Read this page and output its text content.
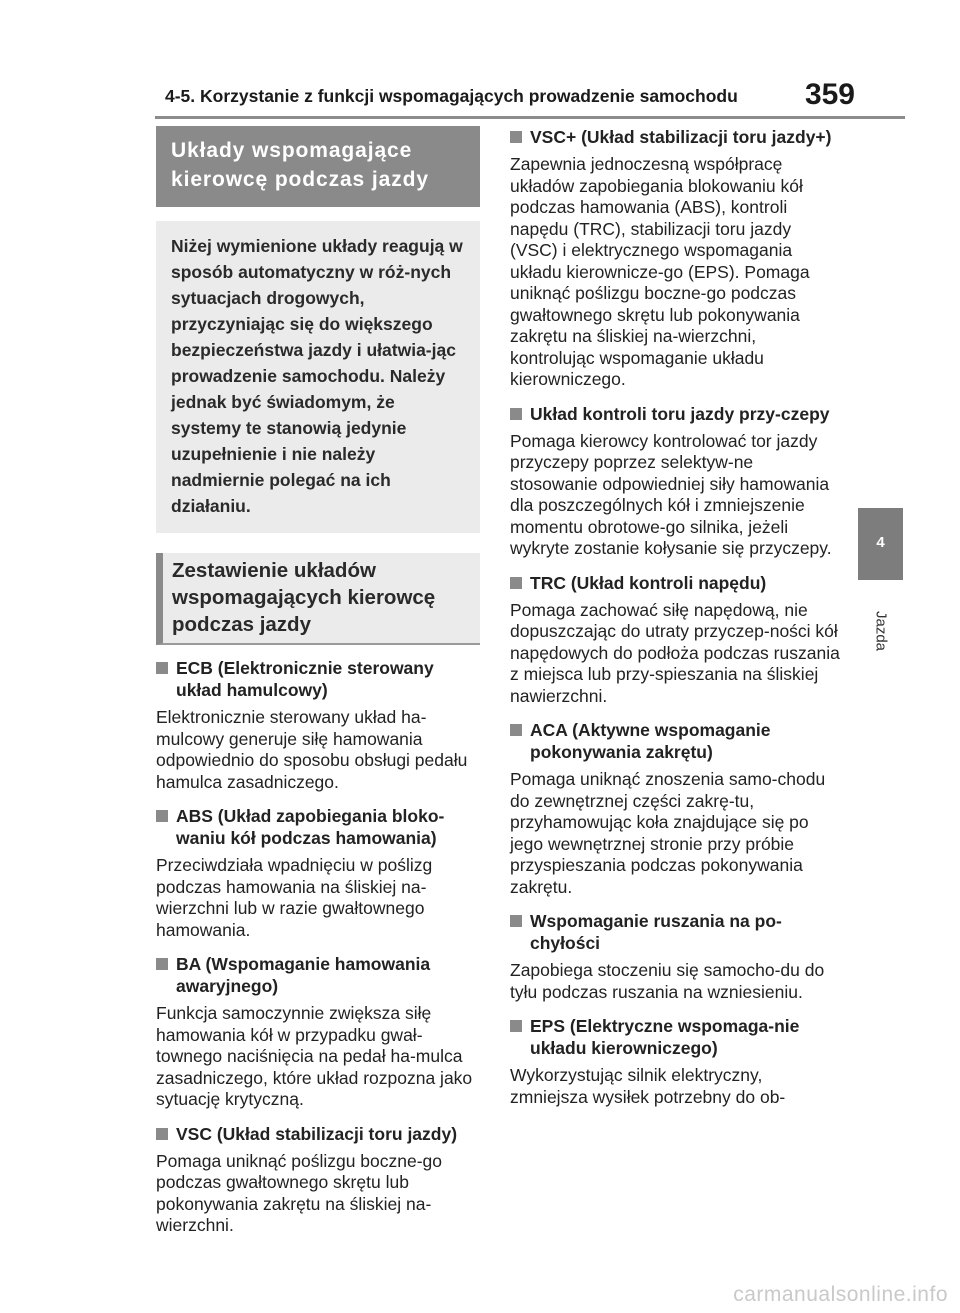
4-5. Korzystanie z funkcji wspomagających prowadzenie samochodu 359
4
Jazda
Układy wspomagające kierowcę podczas jazdy
Niżej wymienione układy reagują w sposób automatyczny w róż-nych sytuacjach drogowych, przyczyniając się do większego bezpieczeństwa jazdy i ułatwia-jąc prowadzenie samochodu. Należy jednak być świadomym, że systemy te stanowią jedynie uzupełnienie i nie należy nadmiernie polegać na ich działaniu.
Zestawienie układów wspomagających kierowcę podczas jazdy
ECB (Elektronicznie sterowany układ hamulcowy)
Elektronicznie sterowany układ ha-mulcowy generuje siłę hamowania odpowiednio do sposobu obsługi pedału hamulca zasadniczego.
ABS (Układ zapobiegania bloko-waniu kół podczas hamowania)
Przeciwdziała wpadnięciu w poślizg podczas hamowania na śliskiej na-wierzchni lub w razie gwałtownego hamowania.
BA (Wspomaganie hamowania awaryjnego)
Funkcja samoczynnie zwiększa siłę hamowania kół w przypadku gwał-townego naciśnięcia na pedał ha-mulca zasadniczego, które układ rozpozna jako sytuację krytyczną.
VSC (Układ stabilizacji toru jazdy)
Pomaga uniknąć poślizgu boczne-go podczas gwałtownego skrętu lub pokonywania zakrętu na śliskiej na-wierzchni.
VSC+ (Układ stabilizacji toru jazdy+)
Zapewnia jednoczesną współpracę układów zapobiegania blokowaniu kół podczas hamowania (ABS), kontroli napędu (TRC), stabilizacji toru jazdy (VSC) i elektrycznego wspomagania układu kierownicze-go (EPS). Pomaga uniknąć poślizgu boczne-go podczas gwałtownego skrętu lub pokonywania zakrętu na śliskiej na-wierzchni, kontrolując wspomaganie układu kierowniczego.
Układ kontroli toru jazdy przy-czepy
Pomaga kierowcy kontrolować tor jazdy przyczepy poprzez selektyw-ne stosowanie odpowiedniej siły hamowania dla poszczególnych kół i zmniejszenie momentu obrotowe-go silnika, jeżeli wykryte zostanie kołysanie się przyczepy.
TRC (Układ kontroli napędu)
Pomaga zachować siłę napędową, nie dopuszczając do utraty przyczep-ności kół napędowych do podłoża podczas ruszania z miejsca lub przy-spieszania na śliskiej nawierzchni.
ACA (Aktywne wspomaganie pokonywania zakrętu)
Pomaga uniknąć znoszenia samo-chodu do zewnętrznej części zakrę-tu, przyhamowując koła znajdujące się po jego wewnętrznej stronie przy próbie przyspieszania podczas pokonywania zakrętu.
Wspomaganie ruszania na po-chyłości
Zapobiega stoczeniu się samocho-du do tyłu podczas ruszania na wzniesieniu.
EPS (Elektryczne wspomaga-nie układu kierowniczego)
Wykorzystując silnik elektryczny, zmniejsza wysiłek potrzebny do ob-
carmanualsonline.info
